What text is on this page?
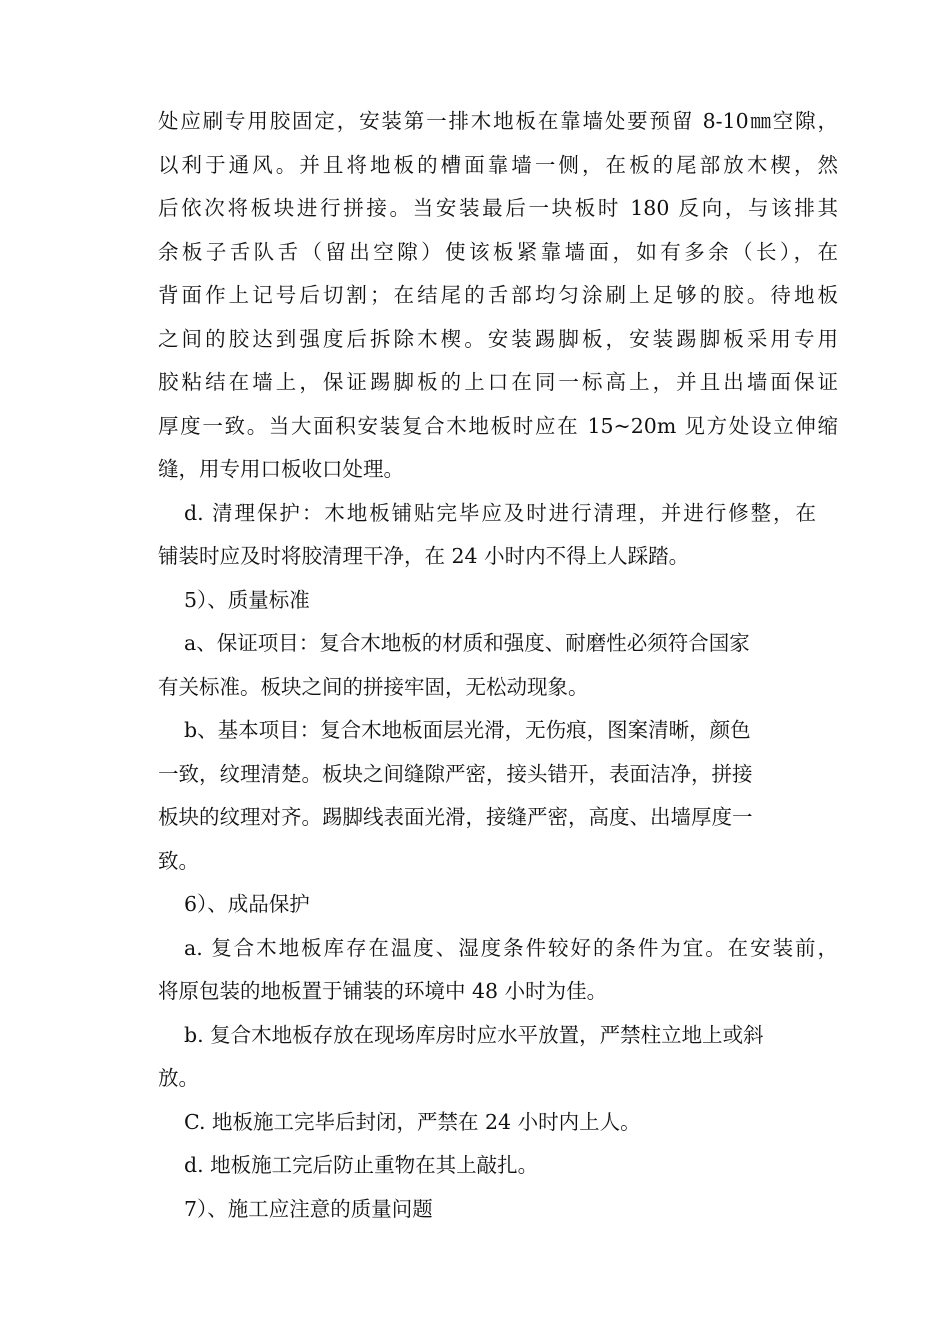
处应刷专用胶固定，安装第一排木地板在靠墙处要预留 8-10㎜空隙，
以利于通风。并且将地板的槽面靠墙一侧，在板的尾部放木楔，然
后依次将板块进行拼接。当安装最后一块板时 180 反向，与该排其
余板子舌队舌（留出空隙）使该板紧靠墙面，如有多余（长），在
背面作上记号后切割；在结尾的舌部均匀涂刷上足够的胶。待地板
之间的胶达到强度后拆除木楔。安装踢脚板，安装踢脚板采用专用
胶粘结在墙上，保证踢脚板的上口在同一标高上，并且出墙面保证
厚度一致。当大面积安装复合木地板时应在 15~20m 见方处设立伸缩
缝，用专用口板收口处理。
d. 清理保护：木地板铺贴完毕应及时进行清理，并进行修整，在
铺装时应及时将胶清理干净，在 24 小时内不得上人踩踏。
5）、质量标准
a、保证项目：复合木地板的材质和强度、耐磨性必须符合国家
有关标准。板块之间的拼接牢固，无松动现象。
b、基本项目：复合木地板面层光滑，无伤痕，图案清晰，颜色
一致，纹理清楚。板块之间缝隙严密，接头错开，表面洁净，拼接
板块的纹理对齐。踢脚线表面光滑，接缝严密，高度、出墙厚度一
致。
6）、成品保护
a. 复合木地板库存在温度、湿度条件较好的条件为宜。在安装前，
将原包装的地板置于铺装的环境中 48 小时为佳。
b. 复合木地板存放在现场库房时应水平放置，严禁柱立地上或斜
放。
C. 地板施工完毕后封闭，严禁在 24 小时内上人。
d. 地板施工完后防止重物在其上敲扎。
7）、施工应注意的质量问题
